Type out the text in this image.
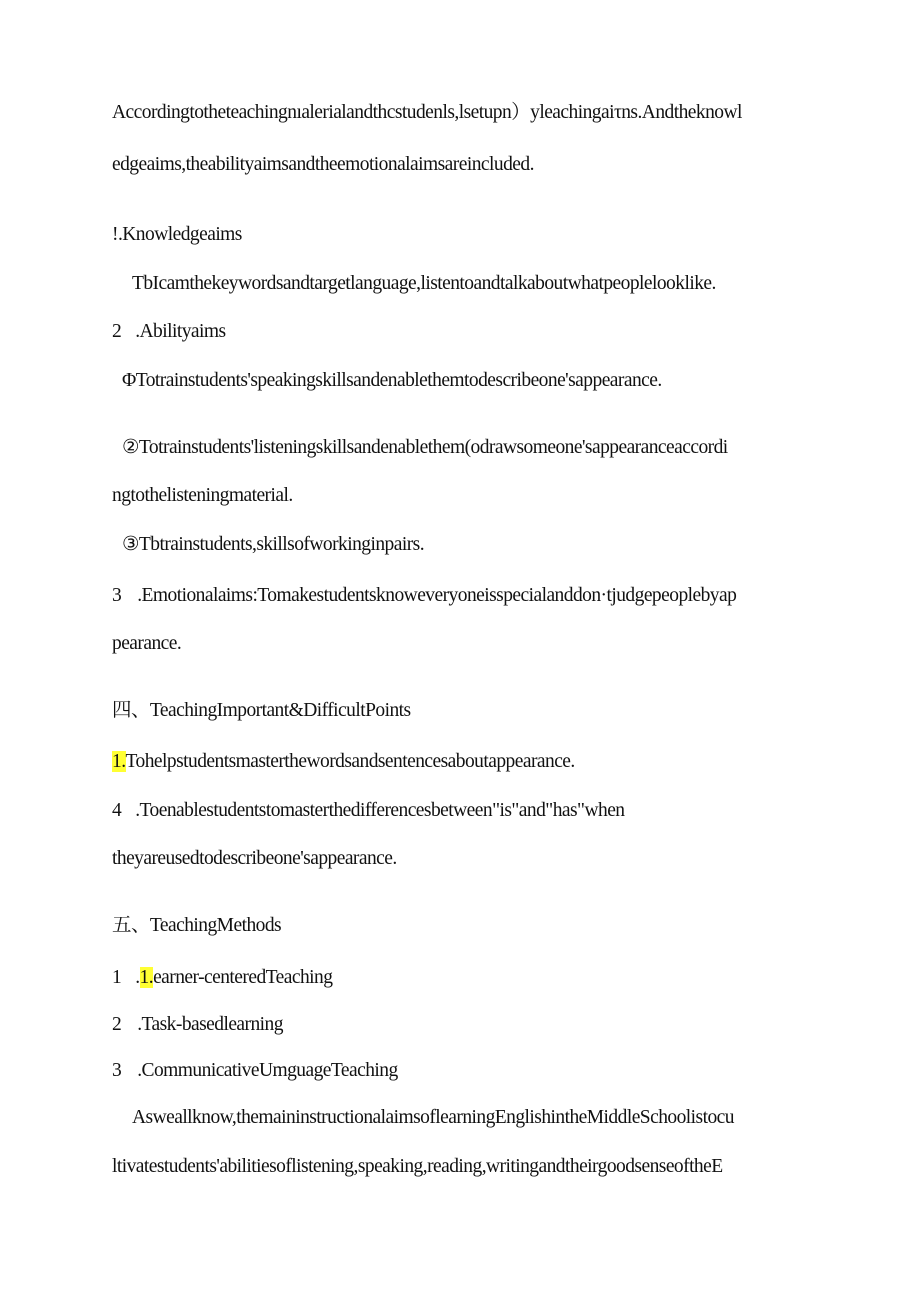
Accordingtotheteachingnıalerialandthcstudenls,lsetupn）yleachingaiτns.Andtheknowl
edgeaims,theabilityaimsandtheemotionalaimsareincluded.
!.Knowledgeaims
TbIcamthekeywordsandtargetlanguage,listentoandtalkaboutwhatpeoplelooklike.
2 .Abilityaims
ΦTotrainstudents'speakingskillsandenablethemtodescribeone'sappearance.
②Totrainstudents'listeningskillsandenablethem(odrawsomeone'sappearanceaccordi
ngtothelisteningmaterial.
③Tbtrainstudents,skillsofworkinginpairs.
3 .Emotionalaims:Tomakestudentsknoweveryoneisspecialanddon·tjudgepeoplebyap
pearance.
四、TeachingImportant&DifficultPoints
1.Tohelpstudentsmasterthewordsandsentencesaboutappearance.
4 .Toenablestudentstomasterthedifferencesbetween"is"and"has"when
theyareusedtodescribeone'sappearance.
五、TeachingMethods
1 .1.earner-centeredTeaching
2 .Task-basedlearning
3 .CommunicativeUmguageTeaching
Asweallknow,themaininstructionalaimsoflearningEnglishintheMiddleSchoolistocu
ltivatestudents'abilitiesoflistening,speaking,reading,writingandtheirgoodsenseoftheE
